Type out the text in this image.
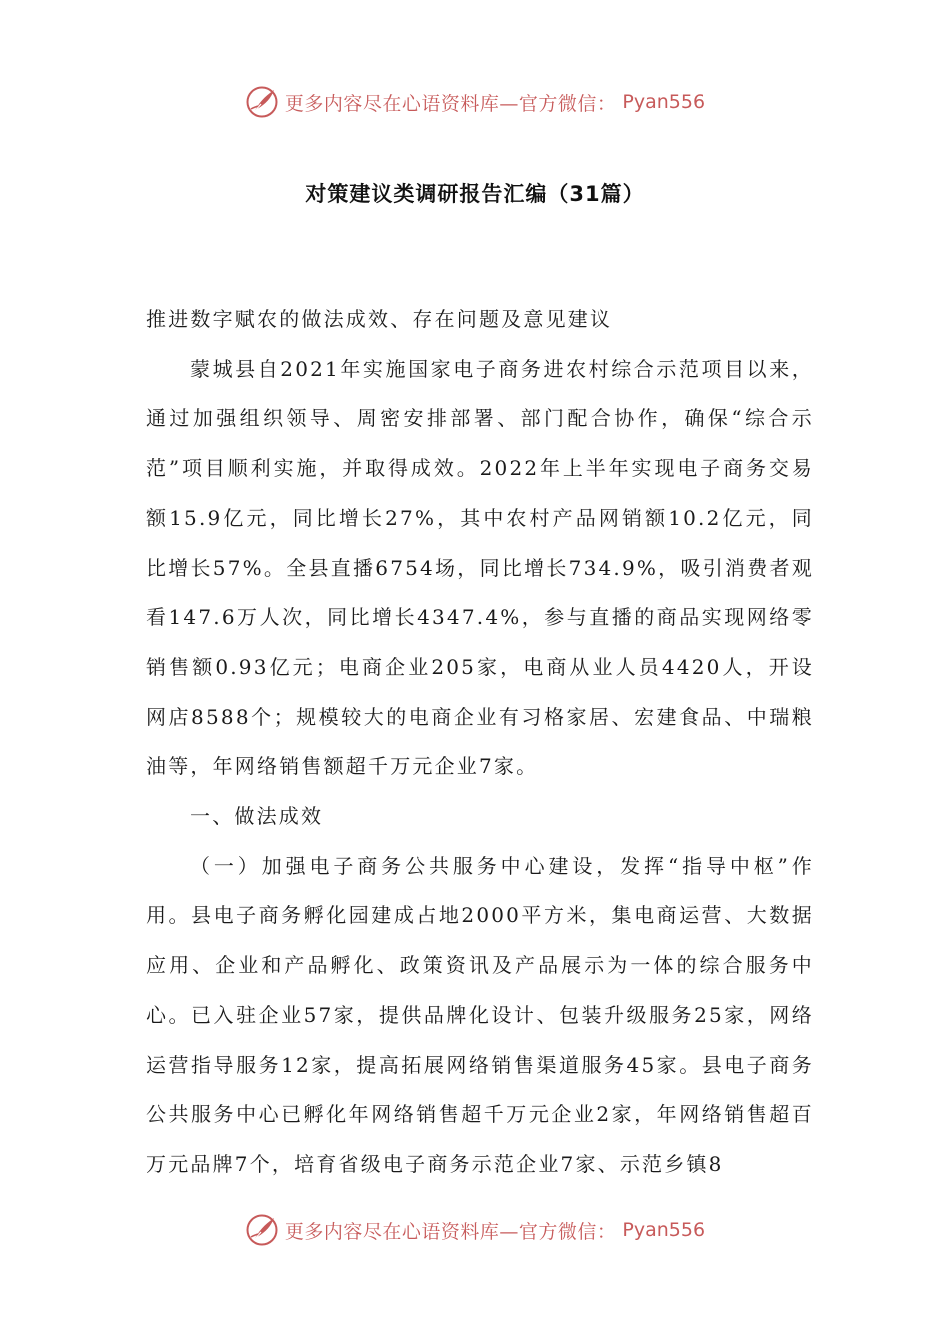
更多内容尽在心语资料库—官方微信： Pyan556
对策建议类调研报告汇编（31篇）

推进数字赋农的做法成效、存在问题及意见建议

蒙城县自2021年实施国家电子商务进农村综合示范项目以来，通过加强组织领导、周密安排部署、部门配合协作，确保“综合示范”项目顺利实施，并取得成效。2022年上半年实现电子商务交易额15.9亿元，同比增长27%，其中农村产品网销额10.2亿元，同比增长57%。全县直播6754场，同比增长734.9%，吸引消费者观看147.6万人次，同比增长4347.4%，参与直播的商品实现网络零销售额0.93亿元；电商企业205家，电商从业人员4420人，开设网店8588个；规模较大的电商企业有习格家居、宏建食品、中瑞粮油等，年网络销售额超千万元企业7家。

一、做法成效

（一）加强电子商务公共服务中心建设，发挥“指导中枢”作用。县电子商务孵化园建成占地2000平方米，集电商运营、大数据应用、企业和产品孵化、政策资讯及产品展示为一体的综合服务中心。已入驻企业57家，提供品牌化设计、包装升级服务25家，网络运营指导服务12家，提高拓展网络销售渠道服务45家。县电子商务公共服务中心已孵化年网络销售超千万元企业2家，年网络销售超百万元品牌7个，培育省级电子商务示范企业7家、示范乡镇8

更多内容尽在心语资料库—官方微信： Pyan556
